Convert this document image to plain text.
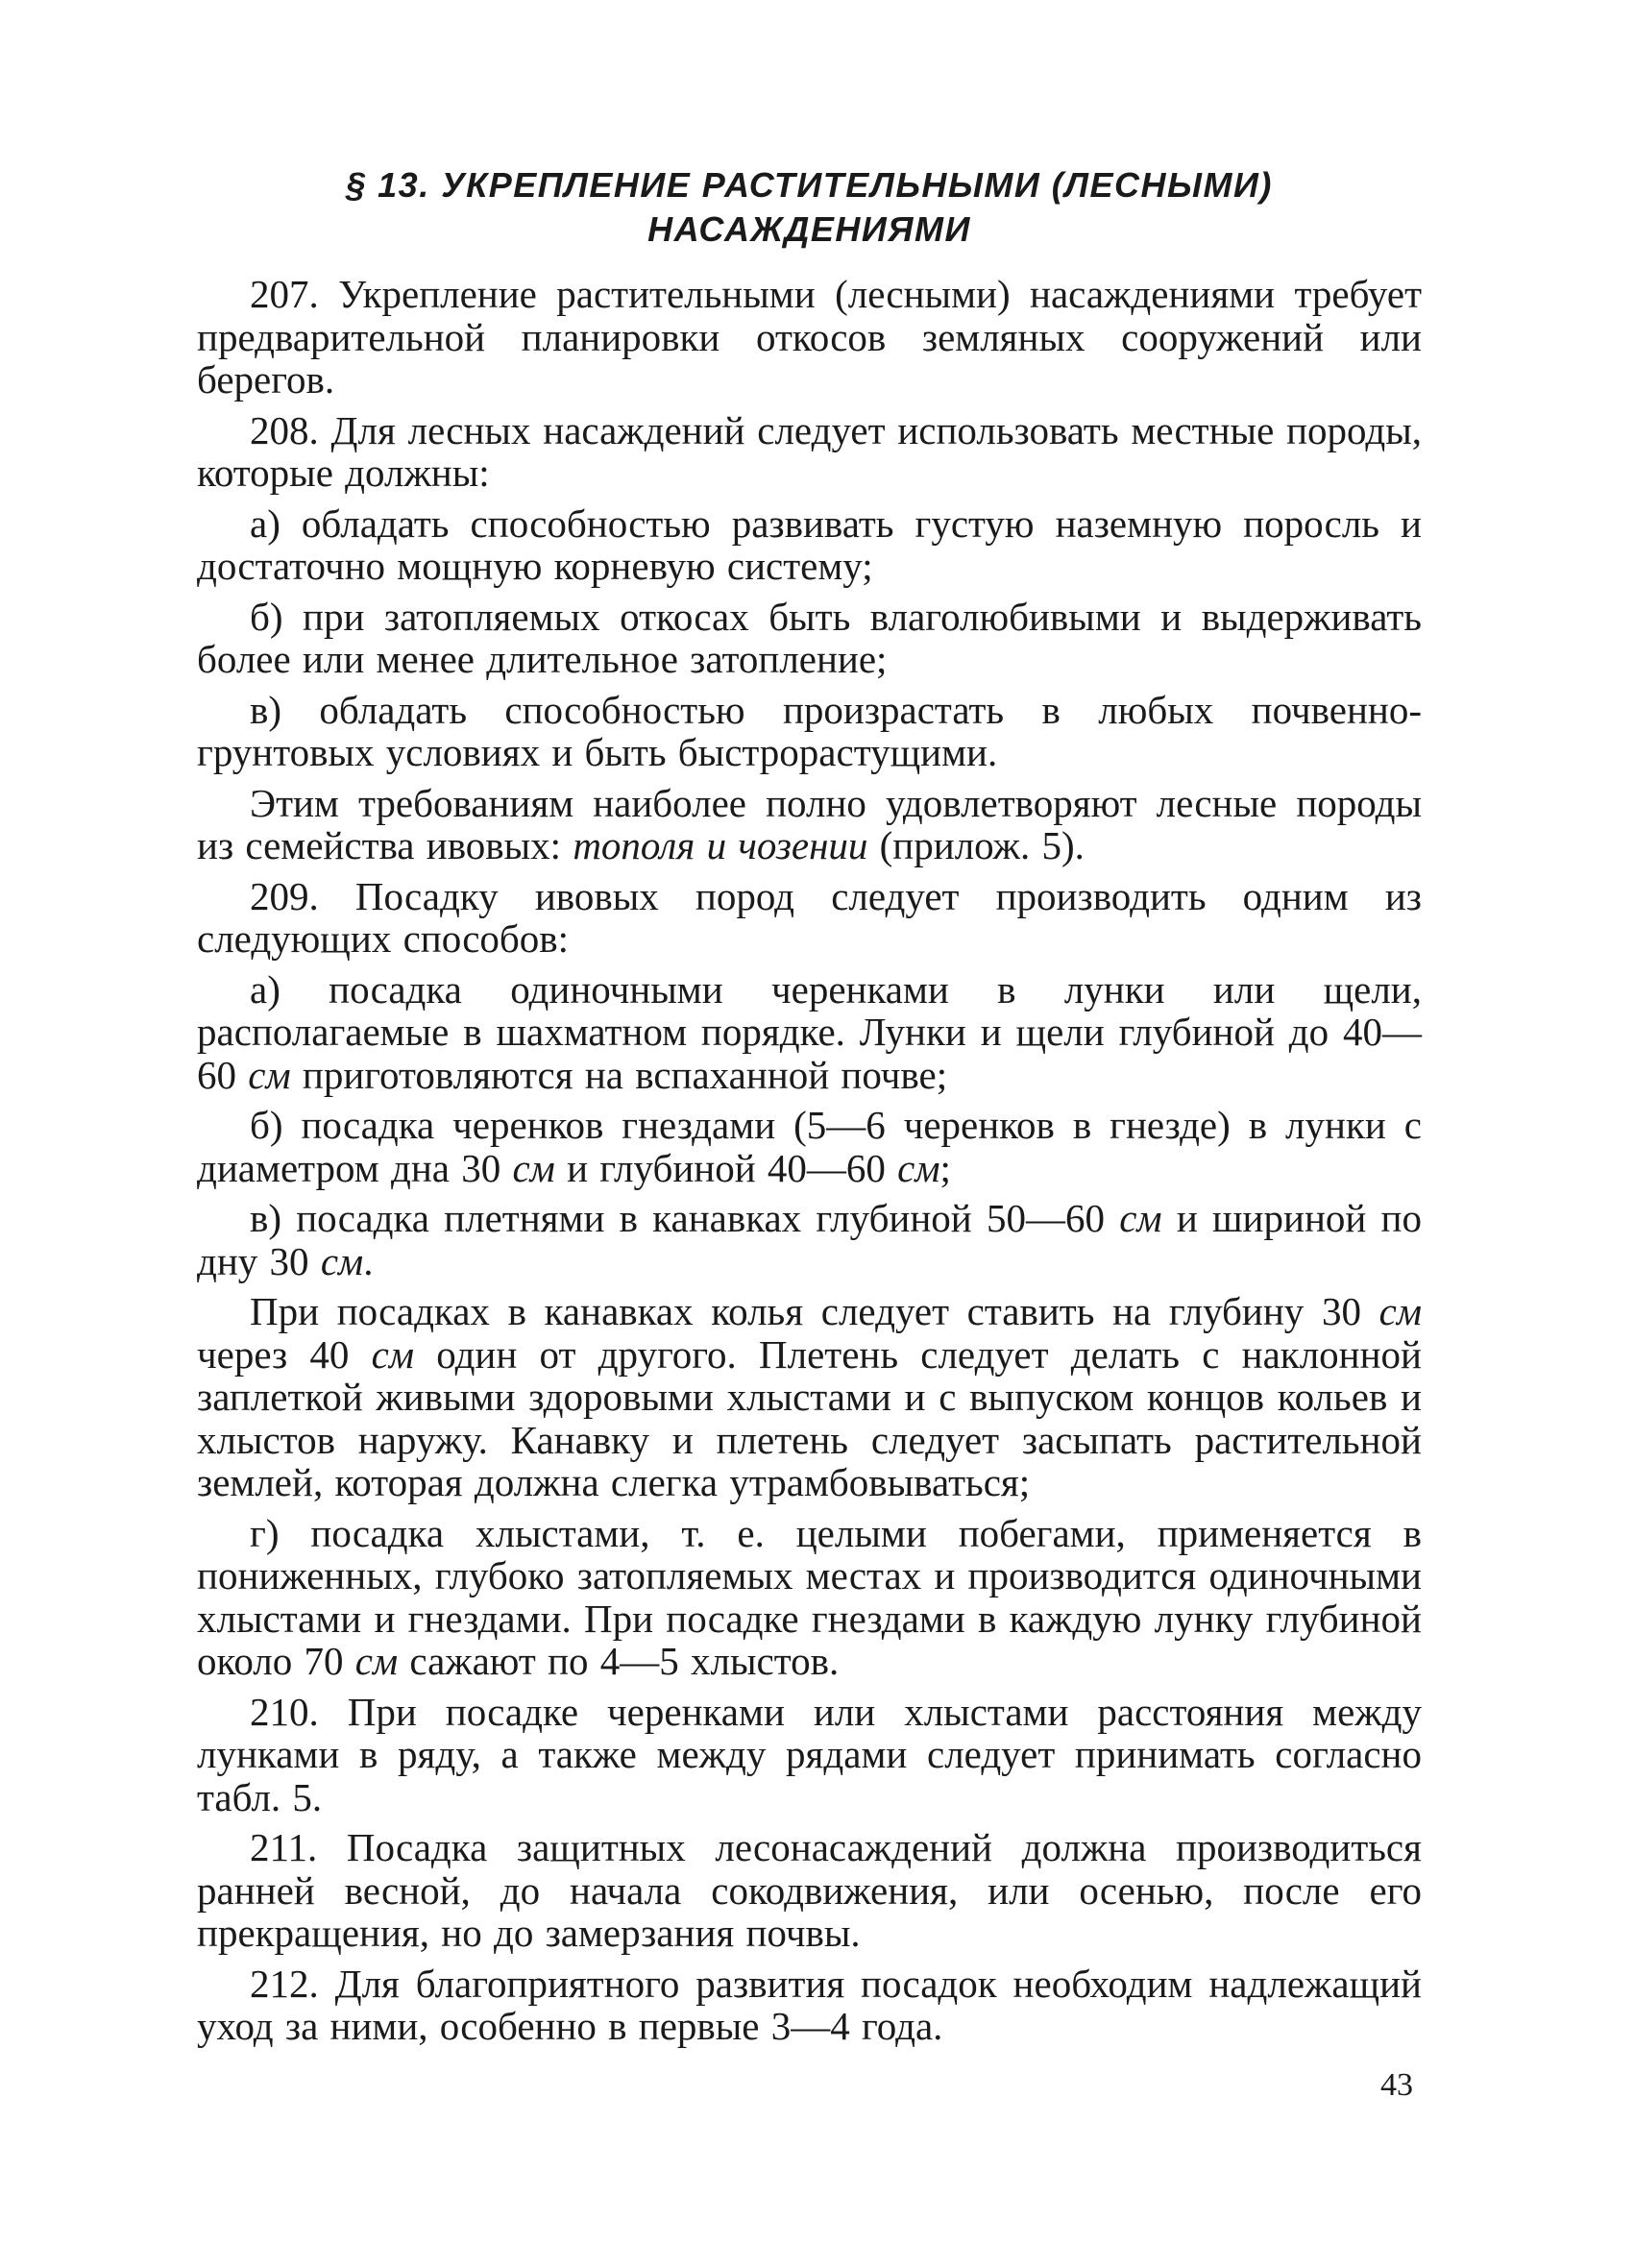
§ 13. УКРЕПЛЕНИЕ РАСТИТЕЛЬНЫМИ (ЛЕСНЫМИ)
НАСАЖДЕНИЯМИ

207. Укрепление растительными (лесными) насаждениями требует предварительной планировки откосов земляных сооружений или берегов.

208. Для лесных насаждений следует использовать местные породы, которые должны:

а) обладать способностью развивать густую наземную поросль и достаточно мощную корневую систему;

б) при затопляемых откосах быть влаголюбивыми и выдерживать более или менее длительное затопление;

в) обладать способностью произрастать в любых почвенно-грунтовых условиях и быть быстрорастущими.

Этим требованиям наиболее полно удовлетворяют лесные породы из семейства ивовых: тополя и чозении (прилож. 5).

209. Посадку ивовых пород следует производить одним из следующих способов:

а) посадка одиночными черенками в лунки или щели, располагаемые в шахматном порядке. Лунки и щели глубиной до 40—60 см приготовляются на вспаханной почве;

б) посадка черенков гнездами (5—6 черенков в гнезде) в лунки с диаметром дна 30 см и глубиной 40—60 см;

в) посадка плетнями в канавках глубиной 50—60 см и шириной по дну 30 см.

При посадках в канавках колья следует ставить на глубину 30 см через 40 см один от другого. Плетень следует делать с наклонной заплеткой живыми здоровыми хлыстами и с выпуском концов кольев и хлыстов наружу. Канавку и плетень следует засыпать растительной землей, которая должна слегка утрамбовываться;

г) посадка хлыстами, т. е. целыми побегами, применяется в пониженных, глубоко затопляемых местах и производится одиночными хлыстами и гнездами. При посадке гнездами в каждую лунку глубиной около 70 см сажают по 4—5 хлыстов.

210. При посадке черенками или хлыстами расстояния между лунками в ряду, а также между рядами следует принимать согласно табл. 5.

211. Посадка защитных лесонасаждений должна производиться ранней весной, до начала сокодвижения, или осенью, после его прекращения, но до замерзания почвы.

212. Для благоприятного развития посадок необходим надлежащий уход за ними, особенно в первые 3—4 года.

43
